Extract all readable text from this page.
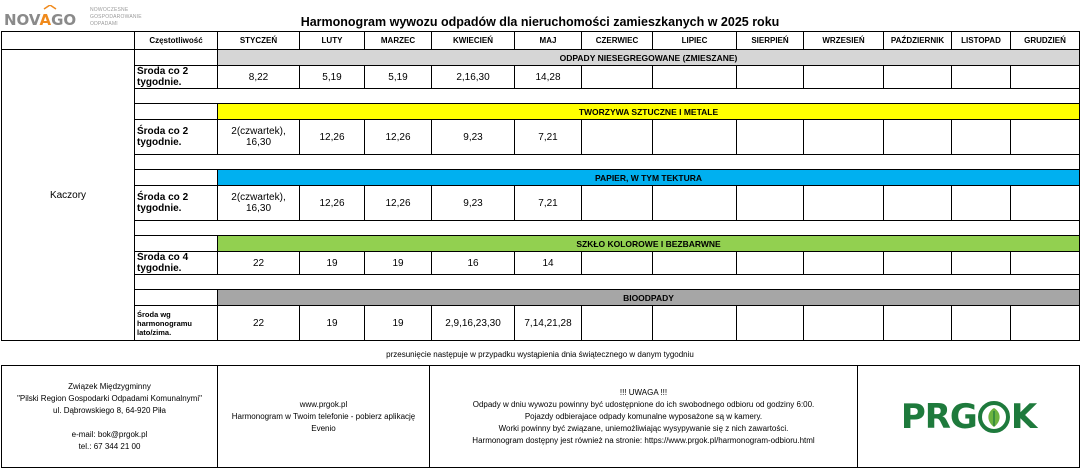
NOVAGO
NOWOCZESNE
GOSPODAROWANIE
ODPADAMI	Harmonogram wywozu odpadów dla nieruchomości zamieszkanych w 2025 roku
	Częstotliwość	STYCZEŃ	LUTY	MARZEC	KWIECIEŃ	MAJ	CZERWIEC	LIPIEC	SIERPIEŃ	WRZESIEŃ	PAŹDZIERNIK	LISTOPAD	GRUDZIEŃ
Kaczory		ODPADY NIESEGREGOWANE (ZMIESZANE)											
	Środa co 2 tygodnie.	8,22	5,19	5,19	2,16,30	14,28							

		TWORZYWA SZTUCZNE I METALE											
	Środa co 2 tygodnie.	2(czwartek), 16,30	12,26	12,26	9,23	7,21							

		PAPIER, W TYM TEKTURA											
	Środa co 2 tygodnie.	2(czwartek), 16,30	12,26	12,26	9,23	7,21							

		SZKŁO KOLOROWE I BEZBARWNE											
	Środa co 4 tygodnie.	22	19	19	16	14							

		BIOODPADY											
	Środa wg harmonogramu lato/zima.	22	19	19	2,9,16,23,30	7,14,21,28							
przesunięcie następuje w przypadku wystąpienia dnia świątecznego w danym tygodniu
Związek Międzygminny
"Pilski Region Gospodarki Odpadami Komunalnymi"
ul. Dąbrowskiego 8, 64-920 Piła
e-mail: bok@prgok.pl
tel.: 67 344 21 00

www.prgok.pl
Harmonogram w Twoim telefonie - pobierz aplikację
Evenio

!!! UWAGA !!!
Odpady w dniu wywozu powinny być udostępnione do ich swobodnego odbioru od godziny 6:00.
Pojazdy odbierajace odpady komunalne wyposażone są w kamery.
Worki powinny być związane, uniemożliwiając wysypywanie się z nich zawartości.
Harmonogram dostępny jest również na stronie: https://www.prgok.pl/harmonogram-odbioru.html

PRG K
